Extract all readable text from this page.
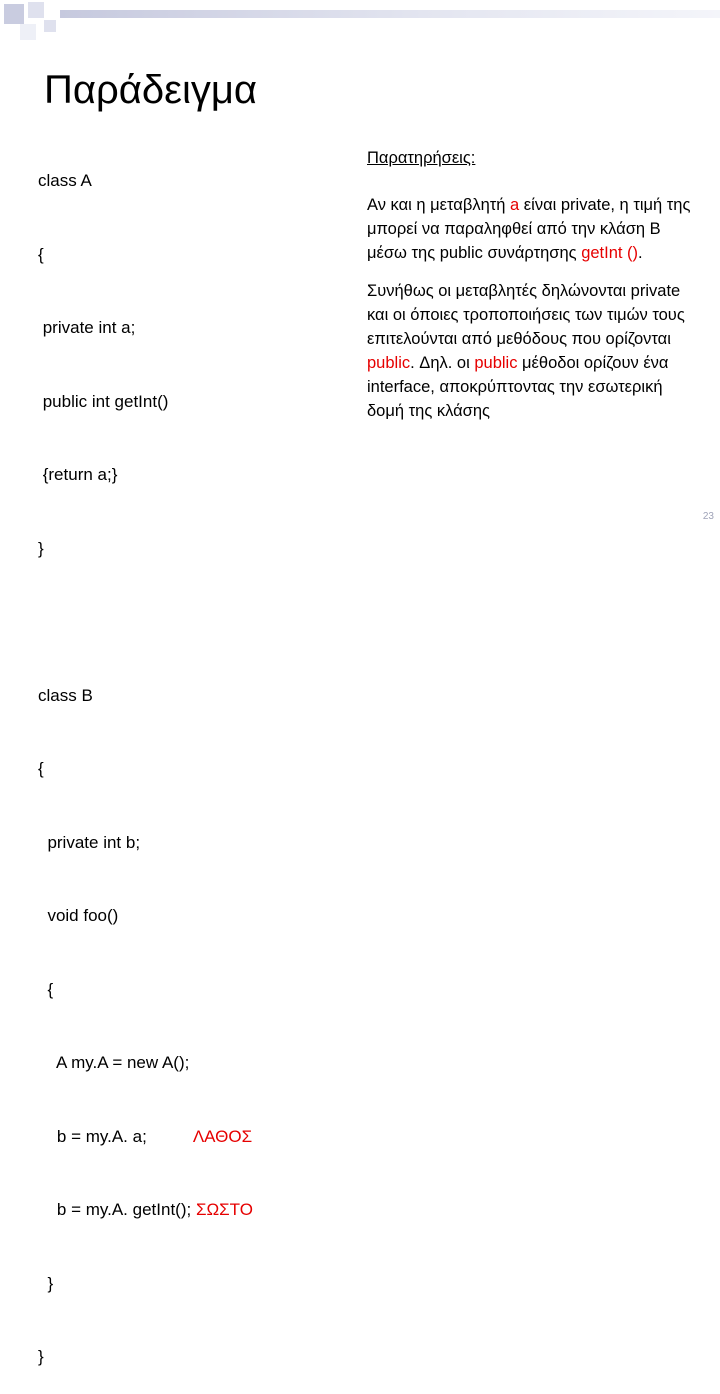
Παράδειγμα

class A

{

private int a;

public int getInt()

{return a;}

}

class B

{

private int b;

void foo()

{

A my.A = new A();

b = my.A. a;	ΛΑΘΟΣ

b = my.A. getInt(); ΣΩΣΤΟ

}

}

Παρατηρήσεις:
Αν και η μεταβλητή a είναι private, η τιμή της μπορεί να παραληφθεί από την κλάση Β μέσω της public συνάρτησης getInt ().
Συνήθως οι μεταβλητές δηλώνονται private και οι όποιες τροποποιήσεις των τιμών τους επιτελούνται από μεθόδους που ορίζονται public. Δηλ. οι public μέθοδοι ορίζουν ένα interface, αποκρύπτοντας την εσωτερική δομή της κλάσης
23
